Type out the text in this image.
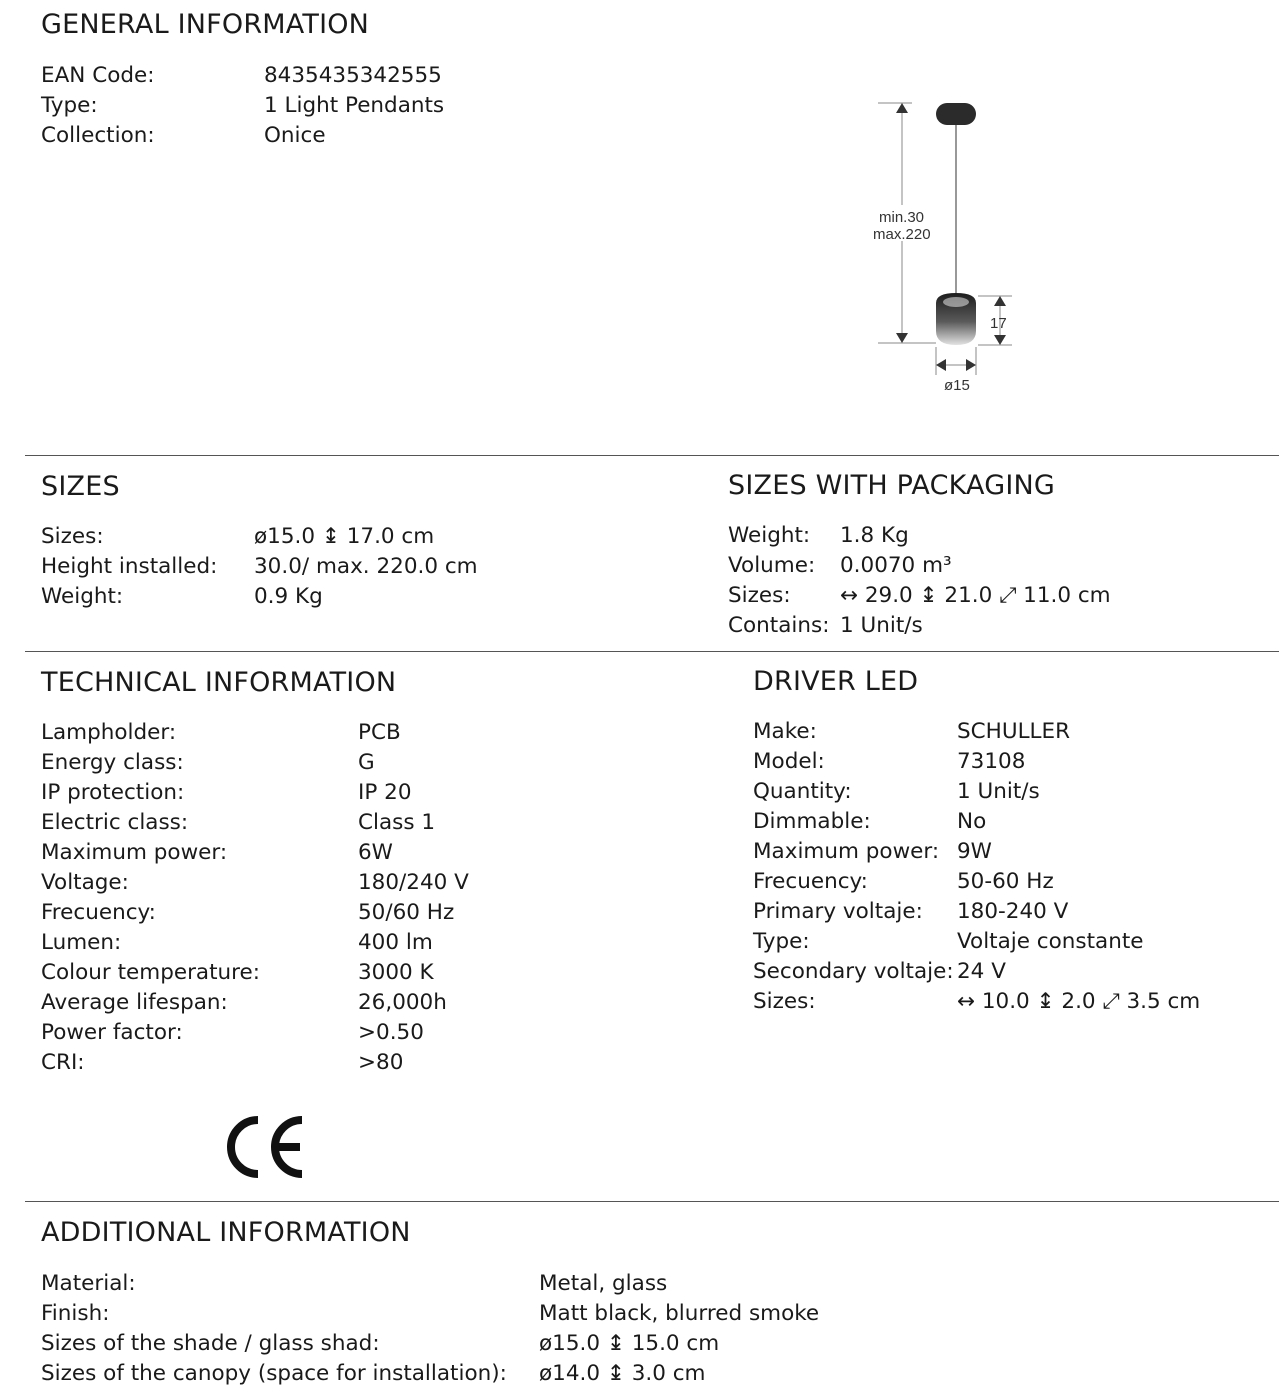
GENERAL INFORMATION
EAN Code:	8435435342555
Type:	1 Light Pendants
Collection:	Onice
min.30
max.220
17
ø15
SIZES
Sizes:	ø15.0 ↨ 17.0 cm
Height installed: 30.0/ max. 220.0 cm
Weight:	0.9 Kg
SIZES WITH PACKAGING
Weight: 1.8 Kg
Volume: 0.0070 m³
Sizes: ↔ 29.0 ↨ 21.0 ⤢ 11.0 cm
Contains: 1 Unit/s
TECHNICAL INFORMATION
Lampholder:	PCB
Energy class:	G
IP protection:	IP 20
Electric class:	Class 1
Maximum power:	6W
Voltage:	180/240 V
Frecuency:	50/60 Hz
Lumen:	400 lm
Colour temperature:	3000 K
Average lifespan:	26,000h
Power factor:	>0.50
CRI:	>80
DRIVER LED
Make:	SCHULLER
Model:	73108
Quantity:	1 Unit/s
Dimmable:	No
Maximum power: 9W
Frecuency:	50-60 Hz
Primary voltaje: 180-240 V
Type:	Voltaje constante
Secondary voltaje: 24 V
Sizes:	↔ 10.0 ↨ 2.0 ⤢ 3.5 cm
ADDITIONAL INFORMATION
Material:	Metal, glass
Finish:	Matt black, blurred smoke
Sizes of the shade / glass shad:	ø15.0 ↨ 15.0 cm
Sizes of the canopy (space for installation): ø14.0 ↨ 3.0 cm
